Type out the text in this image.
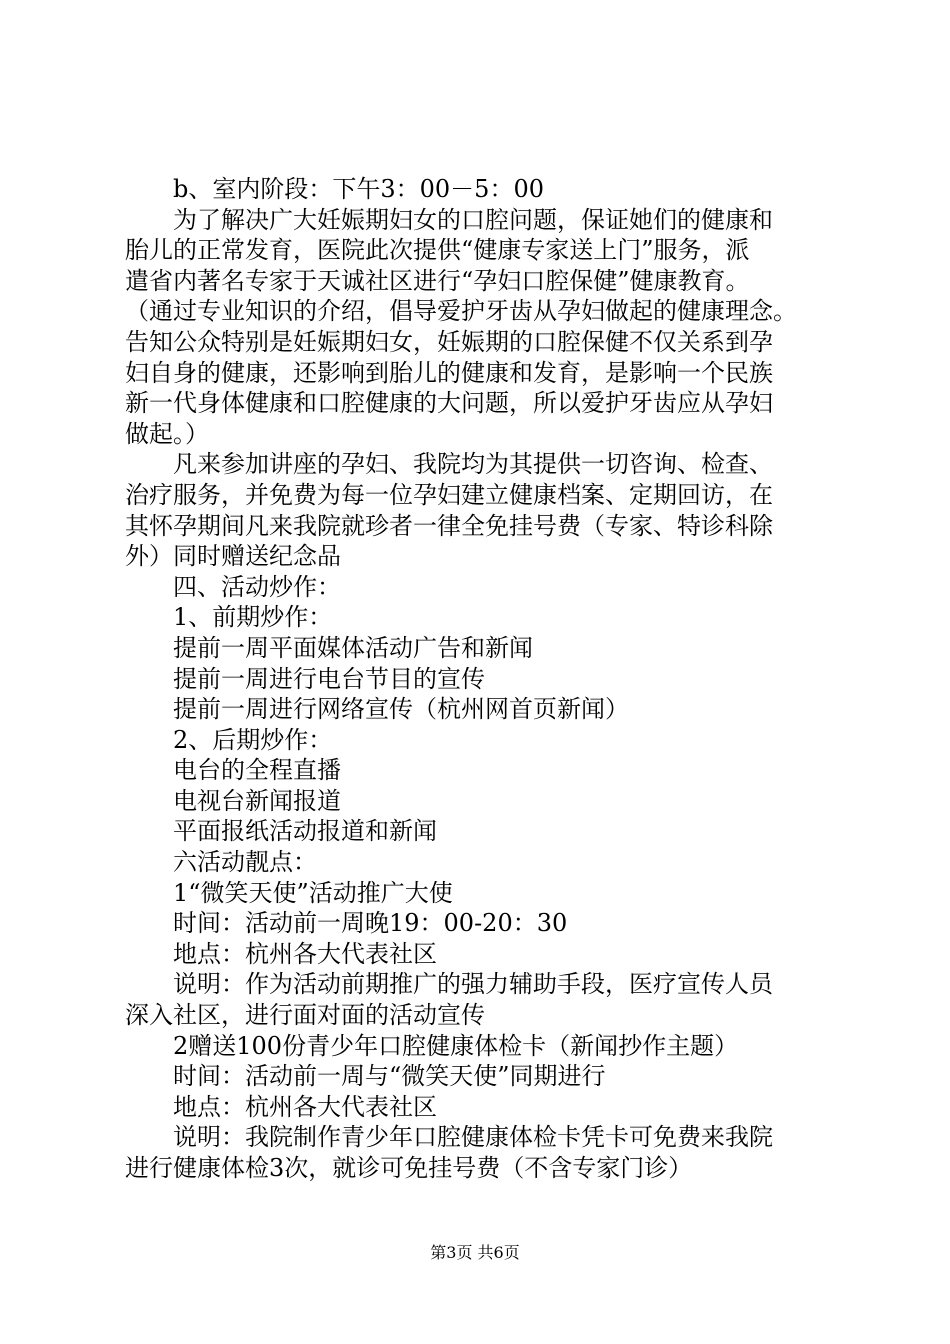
　　b、室内阶段：下午3：00－5：00
　　为了解决广大妊娠期妇女的口腔问题，保证她们的健康和
胎儿的正常发育，医院此次提供“健康专家送上门”服务，派
遣省内著名专家于天诚社区进行“孕妇口腔保健”健康教育。
（通过专业知识的介绍，倡导爱护牙齿从孕妇做起的健康理念。
告知公众特别是妊娠期妇女，妊娠期的口腔保健不仅关系到孕
妇自身的健康，还影响到胎儿的健康和发育，是影响一个民族
新一代身体健康和口腔健康的大问题，所以爱护牙齿应从孕妇
做起。）
　　凡来参加讲座的孕妇、我院均为其提供一切咨询、检查、
治疗服务，并免费为每一位孕妇建立健康档案、定期回访，在
其怀孕期间凡来我院就珍者一律全免挂号费（专家、特诊科除
外）同时赠送纪念品
　　四、活动炒作：
　　1、前期炒作：
　　提前一周平面媒体活动广告和新闻
　　提前一周进行电台节目的宣传
　　提前一周进行网络宣传（杭州网首页新闻）
　　2、后期炒作：
　　电台的全程直播
　　电视台新闻报道
　　平面报纸活动报道和新闻
　　六活动靓点：
　　1“微笑天使”活动推广大使
　　时间：活动前一周晚19：00-20：30
　　地点：杭州各大代表社区
　　说明：作为活动前期推广的强力辅助手段，医疗宣传人员
深入社区，进行面对面的活动宣传
　　2赠送100份青少年口腔健康体检卡（新闻抄作主题）
　　时间：活动前一周与“微笑天使”同期进行
　　地点：杭州各大代表社区
　　说明：我院制作青少年口腔健康体检卡凭卡可免费来我院
进行健康体检3次，就诊可免挂号费（不含专家门诊）
第3页 共6页
